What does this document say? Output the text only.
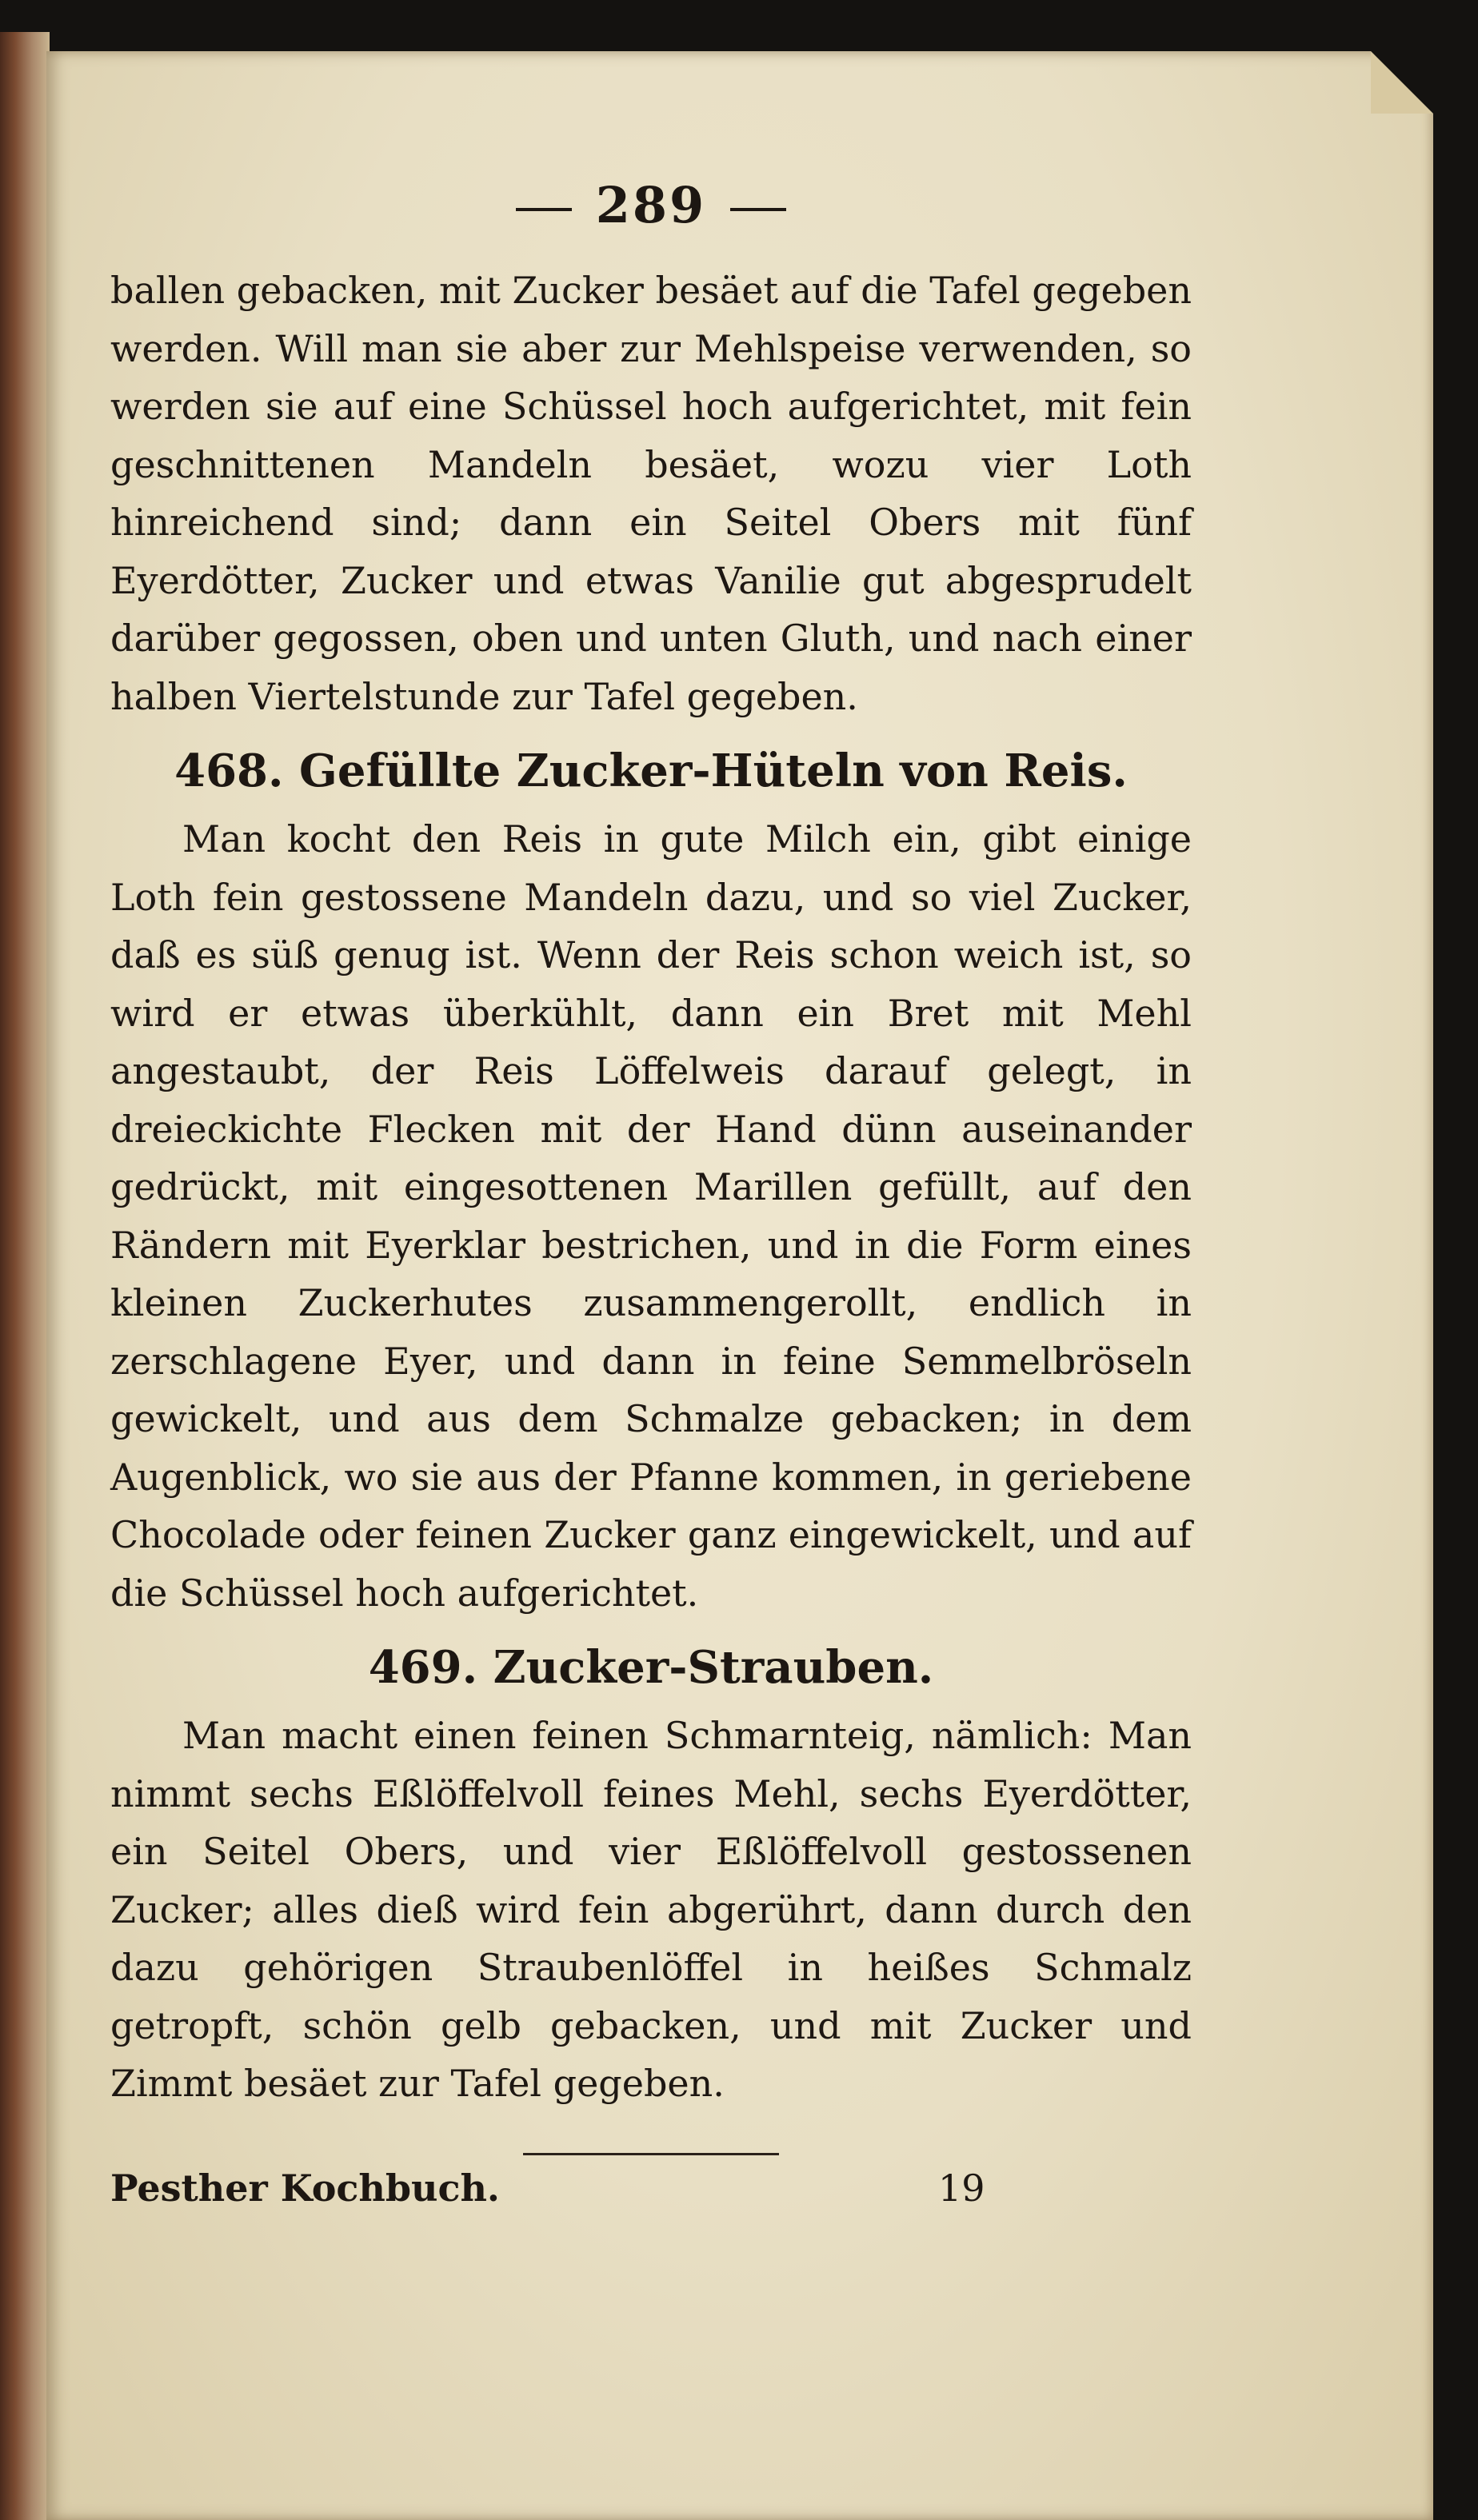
289

ballen gebacken, mit Zucker besäet auf die Tafel gegeben werden. Will man sie aber zur Mehlspeise verwenden, so werden sie auf eine Schüssel hoch aufgerichtet, mit fein geschnittenen Mandeln besäet, wozu vier Loth hinreichend sind; dann ein Seitel Obers mit fünf Eyerdötter, Zucker und etwas Vanilie gut abgesprudelt darüber gegossen, oben und unten Gluth, und nach einer halben Viertelstunde zur Tafel gegeben.

468. Gefüllte Zucker-Hüteln von Reis.

Man kocht den Reis in gute Milch ein, gibt einige Loth fein gestossene Mandeln dazu, und so viel Zucker, daß es süß genug ist. Wenn der Reis schon weich ist, so wird er etwas überkühlt, dann ein Bret mit Mehl angestaubt, der Reis Löffelweis darauf gelegt, in dreieckichte Flecken mit der Hand dünn auseinander gedrückt, mit eingesottenen Marillen gefüllt, auf den Rändern mit Eyerklar bestrichen, und in die Form eines kleinen Zuckerhutes zusammengerollt, endlich in zerschlagene Eyer, und dann in feine Semmelbröseln gewickelt, und aus dem Schmalze gebacken; in dem Augenblick, wo sie aus der Pfanne kommen, in geriebene Chocolade oder feinen Zucker ganz eingewickelt, und auf die Schüssel hoch aufgerichtet.

469. Zucker-Strauben.

Man macht einen feinen Schmarnteig, nämlich: Man nimmt sechs Eßlöffelvoll feines Mehl, sechs Eyerdötter, ein Seitel Obers, und vier Eßlöffelvoll gestossenen Zucker; alles dieß wird fein abgerührt, dann durch den dazu gehörigen Straubenlöffel in heißes Schmalz getropft, schön gelb gebacken, und mit Zucker und Zimmt besäet zur Tafel gegeben.

Pesther Kochbuch.	19
